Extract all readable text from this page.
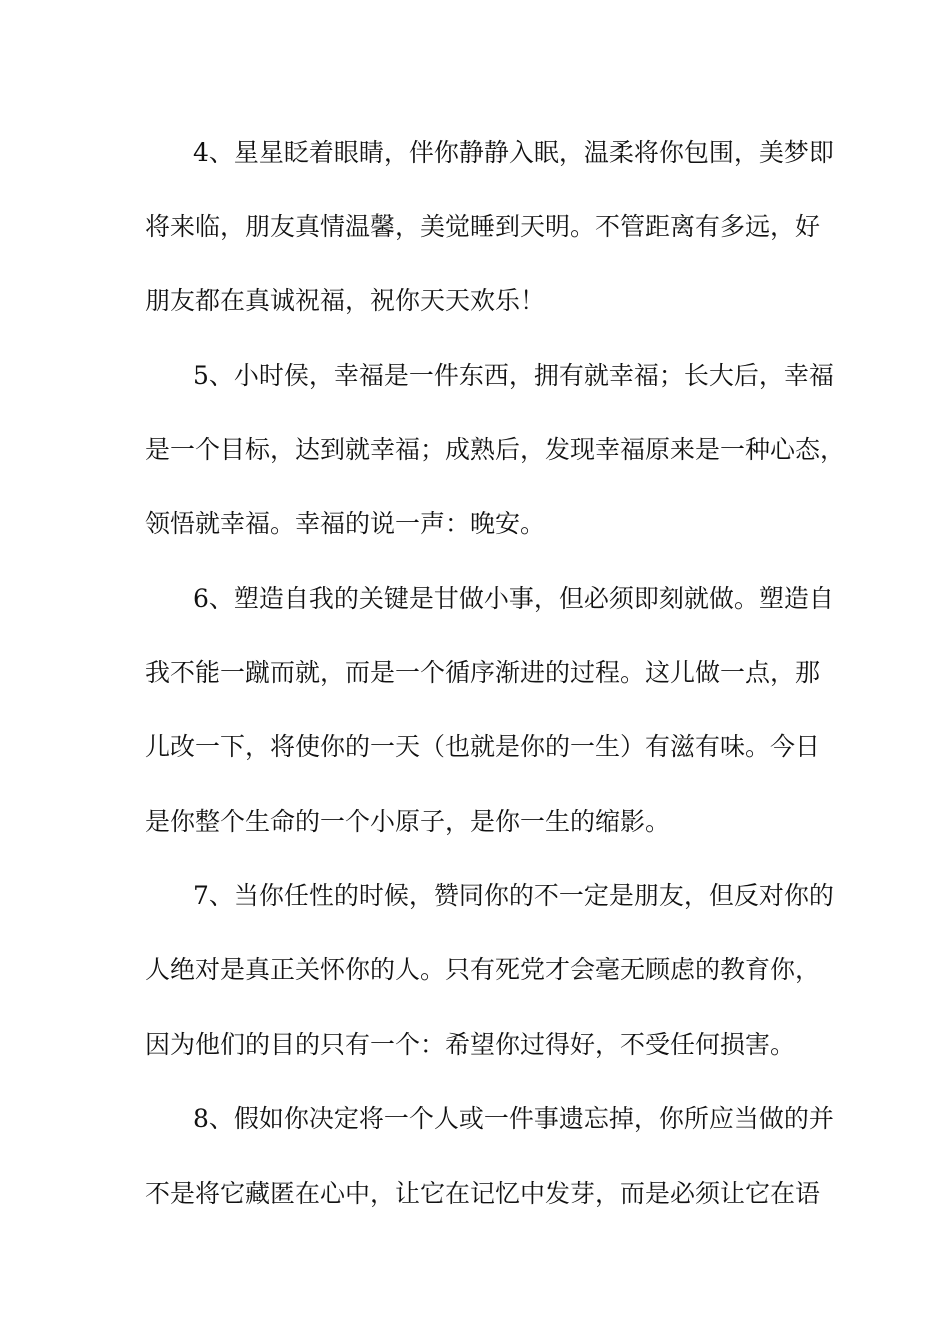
4、星星眨着眼睛，伴你静静入眠，温柔将你包围，美梦即
将来临，朋友真情温馨，美觉睡到天明。不管距离有多远，好
朋友都在真诚祝福，祝你天天欢乐！
5、小时侯，幸福是一件东西，拥有就幸福；长大后，幸福
是一个目标，达到就幸福；成熟后，发现幸福原来是一种心态，
领悟就幸福。幸福的说一声：晚安。
6、塑造自我的关键是甘做小事，但必须即刻就做。塑造自
我不能一蹴而就，而是一个循序渐进的过程。这儿做一点，那
儿改一下，将使你的一天（也就是你的一生）有滋有味。今日
是你整个生命的一个小原子，是你一生的缩影。
7、当你任性的时候，赞同你的不一定是朋友，但反对你的
人绝对是真正关怀你的人。只有死党才会毫无顾虑的教育你，
因为他们的目的只有一个：希望你过得好，不受任何损害。
8、假如你决定将一个人或一件事遗忘掉，你所应当做的并
不是将它藏匿在心中，让它在记忆中发芽，而是必须让它在语
